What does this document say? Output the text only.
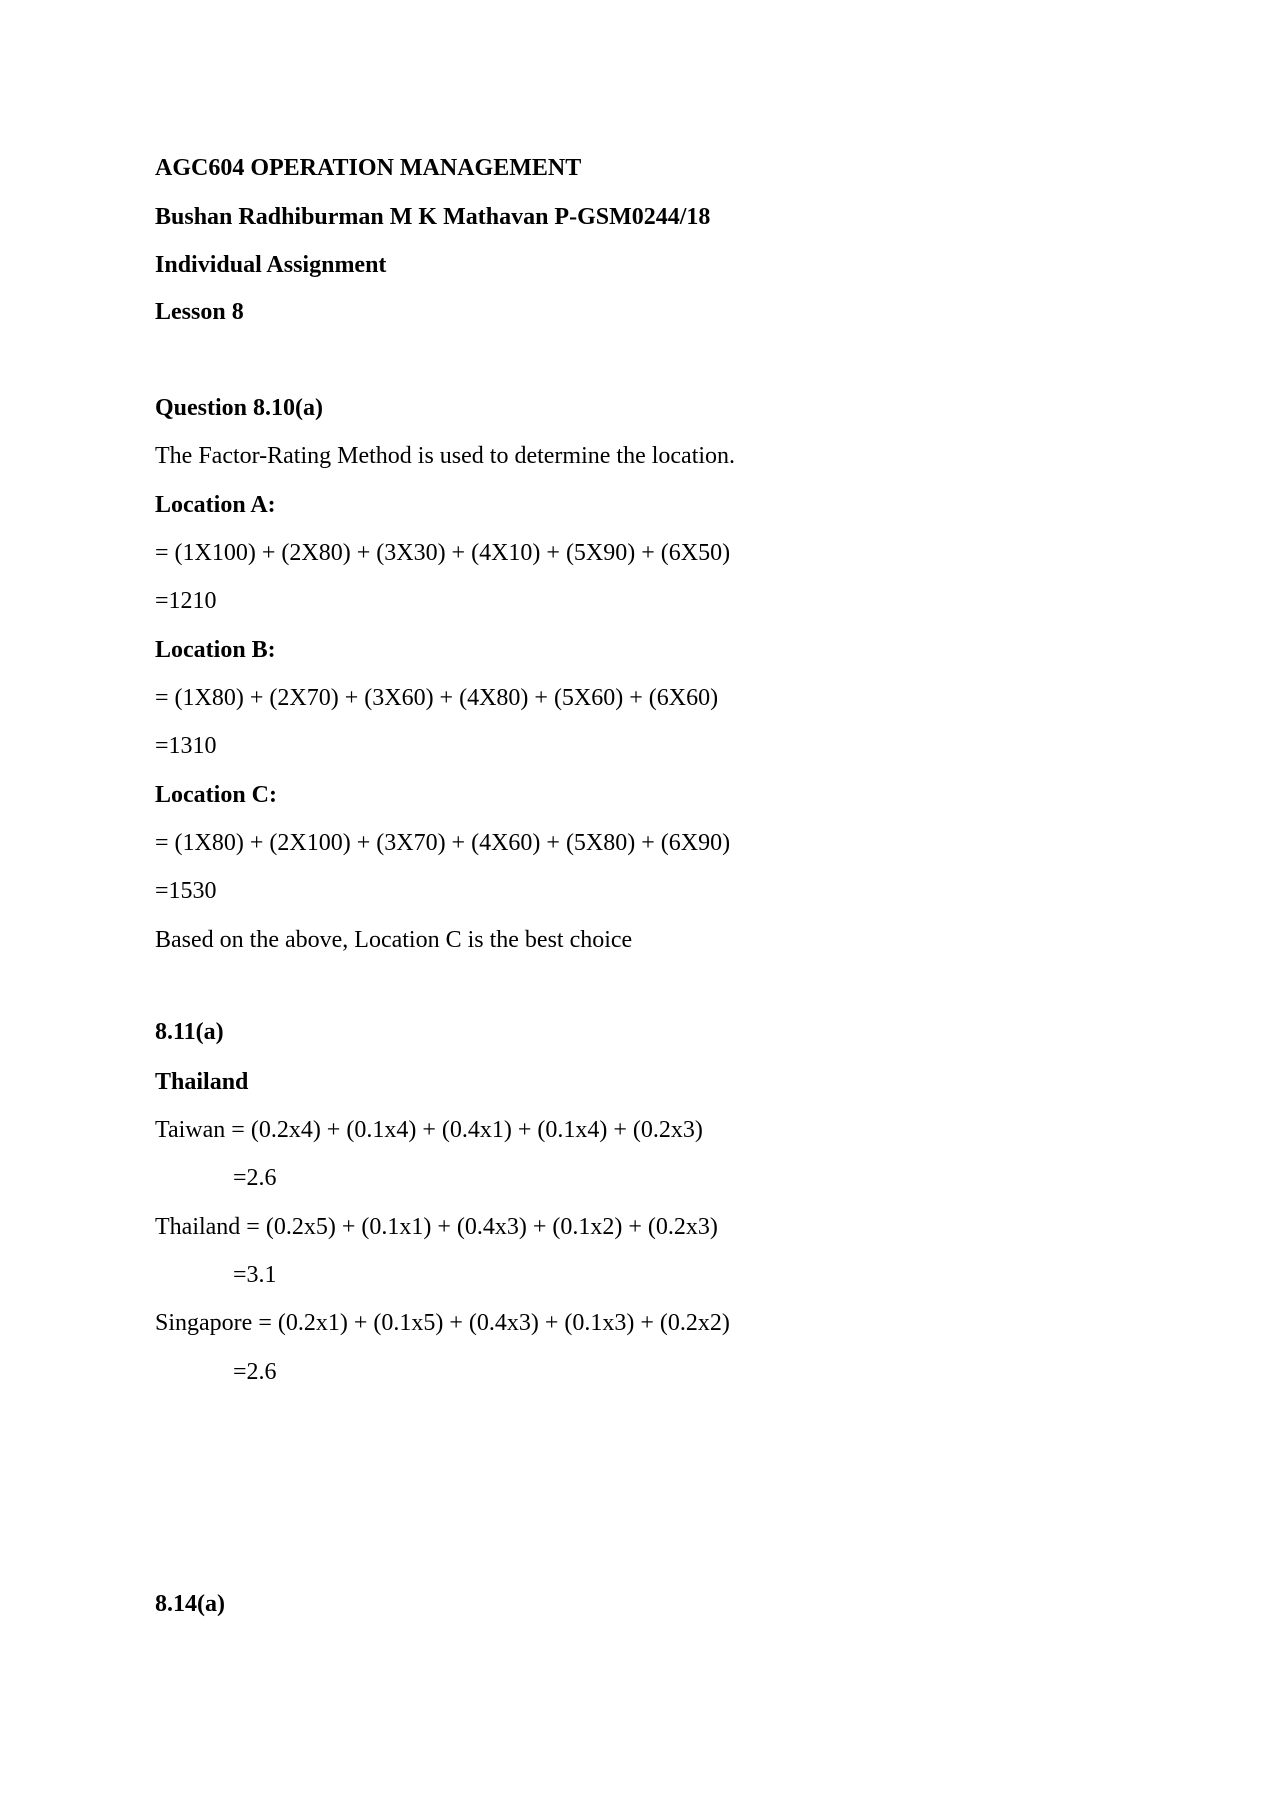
AGC604 OPERATION MANAGEMENT
Bushan Radhiburman M K Mathavan P-GSM0244/18
Individual Assignment
Lesson 8
Question 8.10(a)
The Factor-Rating Method is used to determine the location.
Location A:
= (1X100) + (2X80) + (3X30) + (4X10) + (5X90) + (6X50)
=1210
Location B:
= (1X80) + (2X70) + (3X60) + (4X80) + (5X60) + (6X60)
=1310
Location C:
= (1X80) + (2X100) + (3X70) + (4X60) + (5X80) + (6X90)
=1530
Based on the above, Location C is the best choice
8.11(a)
Thailand
Taiwan = (0.2x4) + (0.1x4) + (0.4x1) + (0.1x4) + (0.2x3)
=2.6
Thailand = (0.2x5) + (0.1x1) + (0.4x3) + (0.1x2) + (0.2x3)
=3.1
Singapore = (0.2x1) + (0.1x5) + (0.4x3) + (0.1x3) + (0.2x2)
=2.6
8.14(a)
